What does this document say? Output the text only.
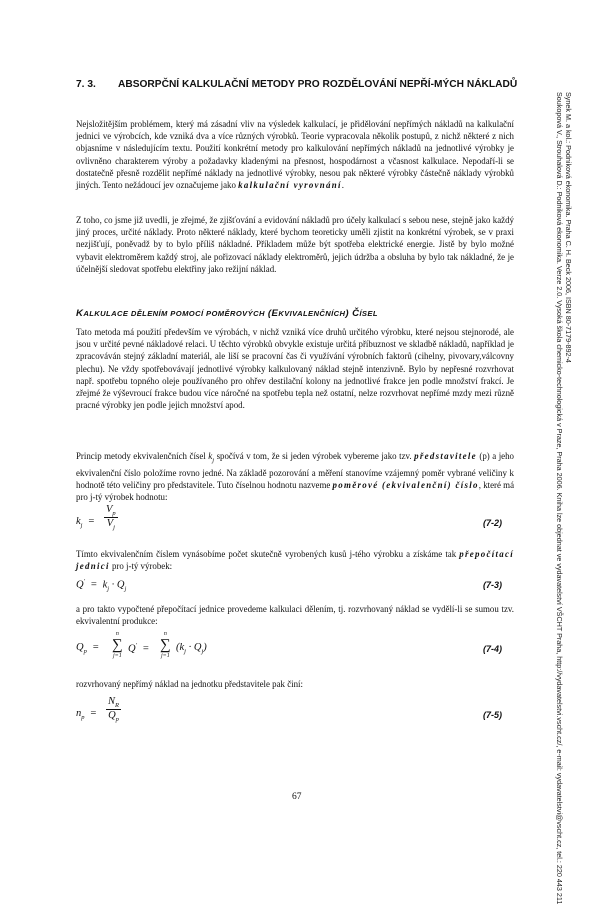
7. 3. ABSORPČNÍ KALKULAČNÍ METODY PRO ROZDĚLOVÁNÍ NEPŘÍ-MÝCH NÁKLADŮ

Nejsložitějším problémem, který má zásadní vliv na výsledek kalkulací, je přidělování nepřímých nákladů na kalkulační jednici ve výrobcích, kde vzniká dva a více různých výrobků. Teorie vypracovala několik postupů, z nichž některé z nich objasníme v následujícím textu. Použití konkrétní metody pro kalkulování nepřímých nákladů na jednotlivé výrobky je ovlivněno charakterem výroby a požadavky kladenými na přesnost, hospodárnost a včasnost kalkulace. Nepodaří-li se dostatečně přesně rozdělit nepřímé náklady na jednotlivé výrobky, nesou pak některé výrobky částečně náklady výrobků jiných. Tento nežádoucí jev označujeme jako kalkulační vyrovnání.

Z toho, co jsme již uvedli, je zřejmé, že zjišťování a evidování nákladů pro účely kalkulací s sebou nese, stejně jako každý jiný proces, určité náklady. Proto některé náklady, které bychom teoreticky uměli zjistit na konkrétní výrobek, se v praxi nezjišťují, poněvadž by to bylo příliš nákladné. Příkladem může být spotřeba elektrické energie. Jistě by bylo možné vybavit elektroměrem každý stroj, ale pořizovací náklady elektroměrů, jejich údržba a obsluha by bylo tak nákladné, že je účelnější sledovat spotřebu elektřiny jako režijní náklad.

KALKULACE DĚLENÍM POMOCÍ POMĚROVÝCH (EKVIVALENČNÍCH) ČÍSEL

Tato metoda má použití především ve výrobách, v nichž vzniká více druhů určitého výrobku, které nejsou stejnorodé, ale jsou v určité pevné nákladové relaci. U těchto výrobků obvykle existuje určitá příbuznost ve skladbě nákladů, například je zpracováván stejný základní materiál, ale liší se pracovní čas či využívání výrobních faktorů (cihelny, pivovary,válcovny plechu). Ne vždy spotřebovávají jednotlivé výrobky kalkulovaný náklad stejně intenzivně. Bylo by nepřesné rozvrhovat např. spotřebu topného oleje používaného pro ohřev destilační kolony na jednotlivé frakce jen podle množství frakcí. Je zřejmé že výševroucí frakce budou více náročné na spotřebu tepla než ostatní, nelze rozvrhovat nepřímé mzdy mezi různě pracné výrobky jen podle jejich množství apod.

Princip metody ekvivalenčních čísel $k_j$ spočívá v tom, že si jeden výrobek vybereme jako tzv. představitele (p) a jeho ekvivalenční číslo položíme rovno jedné. Na základě pozorování a měření stanovíme vzájemný poměr vybrané veličiny k hodnotě této veličiny pro představitele. Tuto číselnou hodnotu nazveme poměrové (ekvivalenční) číslo, které má pro j-tý výrobek hodnotu:

$k_j = \frac{V_p}{V_j}$	(7-2)

Tímto ekvivalenčním číslem vynásobíme počet skutečně vyrobených kusů j-tého výrobku a získáme tak přepočítací jednici pro j-tý výrobek:

$Q' = k_j \cdot Q_j$	(7-3)

a pro takto vypočtené přepočítací jednice provedeme kalkulaci dělením, tj. rozvrhovaný náklad se vydělí-li se sumou tzv. ekvivalentní produkce:

$Q_p$  =
n
∑
j=1
Q'  =
n
∑
j=1
$(k_j \cdot Q_j)$	(7-4)

rozvrhovaný nepřímý náklad na jednotku představitele pak činí:

$n_p = \frac{N_R}{Q_p}$	(7-5)
Synek M. a kol.: Podniková ekonomika. Praha C. H. Beck 2006, ISBN 80-7179-892-4
Soukopová V., Strouhalová D.: Podniková ekonomika. Verze 2.0. Vysoká škola chemicko-technologická v Praze, Praha 2006. Kniha lze objednat ve vydavatelství VŠCHT Praha, http://vydavatelstvi.vscht.cz/, e-mail: vydavatelstvi@vscht.cz, tel.: 220 443 211
67
